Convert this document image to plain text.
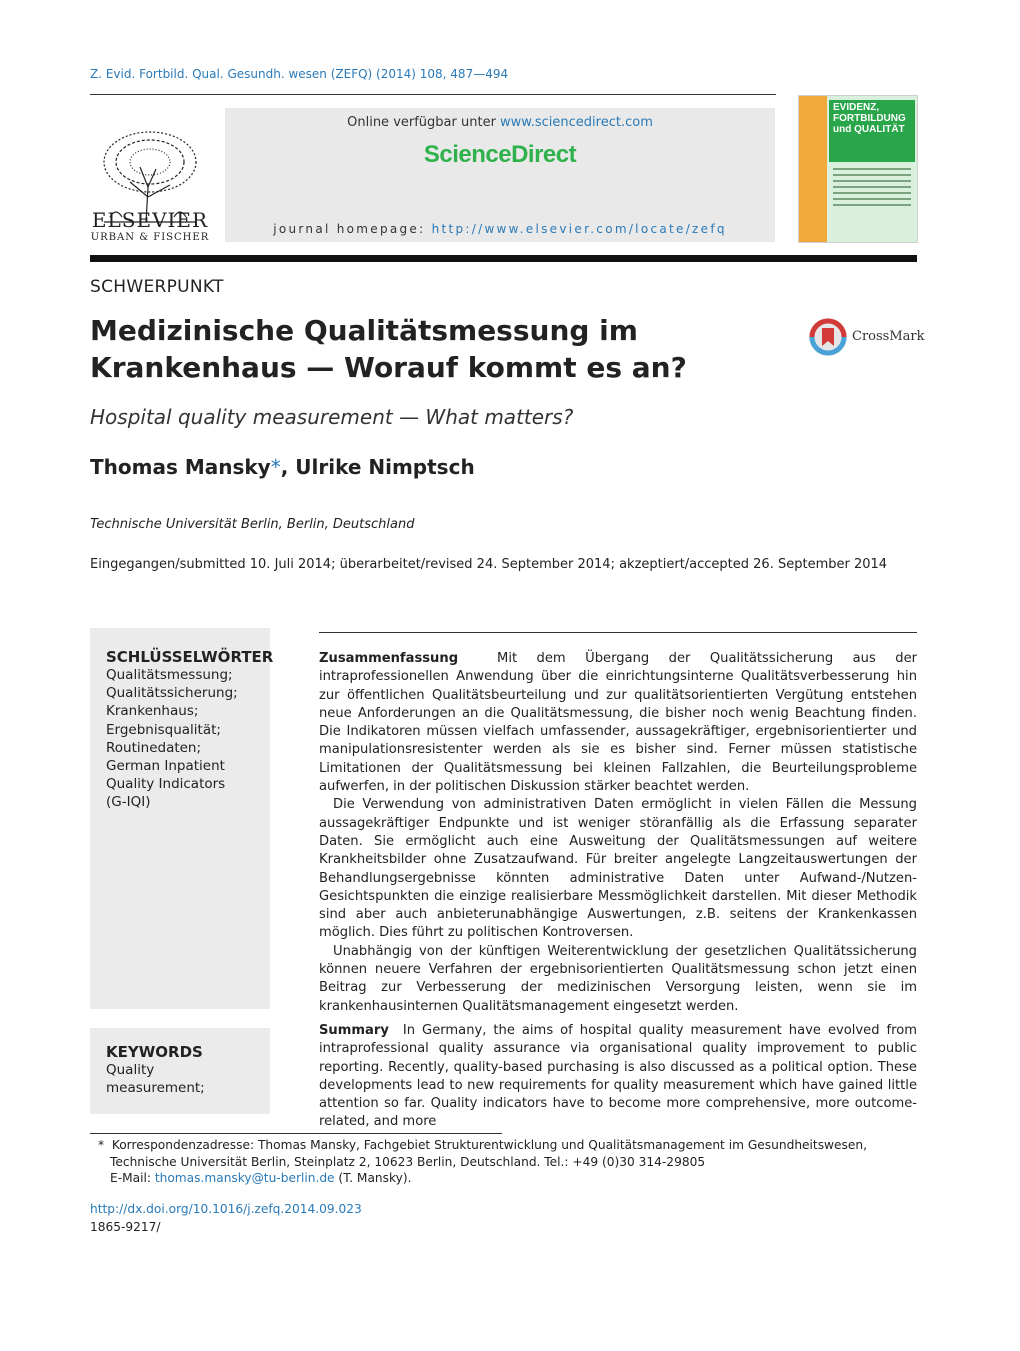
Z. Evid. Fortbild. Qual. Gesundh. wesen (ZEFQ) (2014) 108, 487—494
ELSEVIER
URBAN & FISCHER
Online verfügbar unter www.sciencedirect.com
ScienceDirect
journal homepage: http://www.elsevier.com/locate/zefq
EVIDENZ,
FORTBILDUNG
und QUALITÄT
SCHWERPUNKT
Medizinische Qualitätsmessung im
Krankenhaus — Worauf kommt es an?
CrossMark
Hospital quality measurement — What matters?
Thomas Mansky*, Ulrike Nimptsch
Technische Universität Berlin, Berlin, Deutschland
Eingegangen/submitted 10. Juli 2014; überarbeitet/revised 24. September 2014; akzeptiert/accepted 26. September 2014
SCHLÜSSELWÖRTER
Qualitätsmessung;
Qualitätssicherung;
Krankenhaus;
Ergebnisqualität;
Routinedaten;
German Inpatient
Quality Indicators
(G-IQI)
KEYWORDS
Quality
measurement;
Zusammenfassung	Mit dem Übergang der Qualitätssicherung aus der intraprofessionellen Anwendung über die einrichtungsinterne Qualitätsverbesserung hin zur öffentlichen Qualitätsbeurteilung und zur qualitätsorientierten Vergütung entstehen neue Anforderungen an die Qualitätsmessung, die bisher noch wenig Beachtung finden. Die Indikatoren müssen vielfach umfassender, aussagekräftiger, ergebnisorientierter und manipulationsresistenter werden als sie es bisher sind. Ferner müssen statistische Limitationen der Qualitätsmessung bei kleinen Fallzahlen, die Beurteilungsprobleme aufwerfen, in der politischen Diskussion stärker beachtet werden.
Die Verwendung von administrativen Daten ermöglicht in vielen Fällen die Messung aussagekräftiger Endpunkte und ist weniger störanfällig als die Erfassung separater Daten. Sie ermöglicht auch eine Ausweitung der Qualitätsmessungen auf weitere Krankheitsbilder ohne Zusatzaufwand. Für breiter angelegte Langzeitauswertungen der Behandlungsergebnisse könnten administrative Daten unter Aufwand-/Nutzen-Gesichtspunkten die einzige realisierbare Messmöglichkeit darstellen. Mit dieser Methodik sind aber auch anbieterunabhängige Auswertungen, z.B. seitens der Krankenkassen möglich. Dies führt zu politischen Kontroversen.
Unabhängig von der künftigen Weiterentwicklung der gesetzlichen Qualitätssicherung können neuere Verfahren der ergebnisorientierten Qualitätsmessung schon jetzt einen Beitrag zur Verbesserung der medizinischen Versorgung leisten, wenn sie im krankenhausinternen Qualitätsmanagement eingesetzt werden.
Summary In Germany, the aims of hospital quality measurement have evolved from intraprofessional quality assurance via organisational quality improvement to public reporting. Recently, quality-based purchasing is also discussed as a political option. These developments lead to new requirements for quality measurement which have gained little attention so far. Quality indicators have to become more comprehensive, more outcome-related, and more
* Korrespondenzadresse: Thomas Mansky, Fachgebiet Strukturentwicklung und Qualitätsmanagement im Gesundheitswesen, Technische Universität Berlin, Steinplatz 2, 10623 Berlin, Deutschland. Tel.: +49 (0)30 314-29805
E-Mail: thomas.mansky@tu-berlin.de (T. Mansky).
http://dx.doi.org/10.1016/j.zefq.2014.09.023
1865-9217/
